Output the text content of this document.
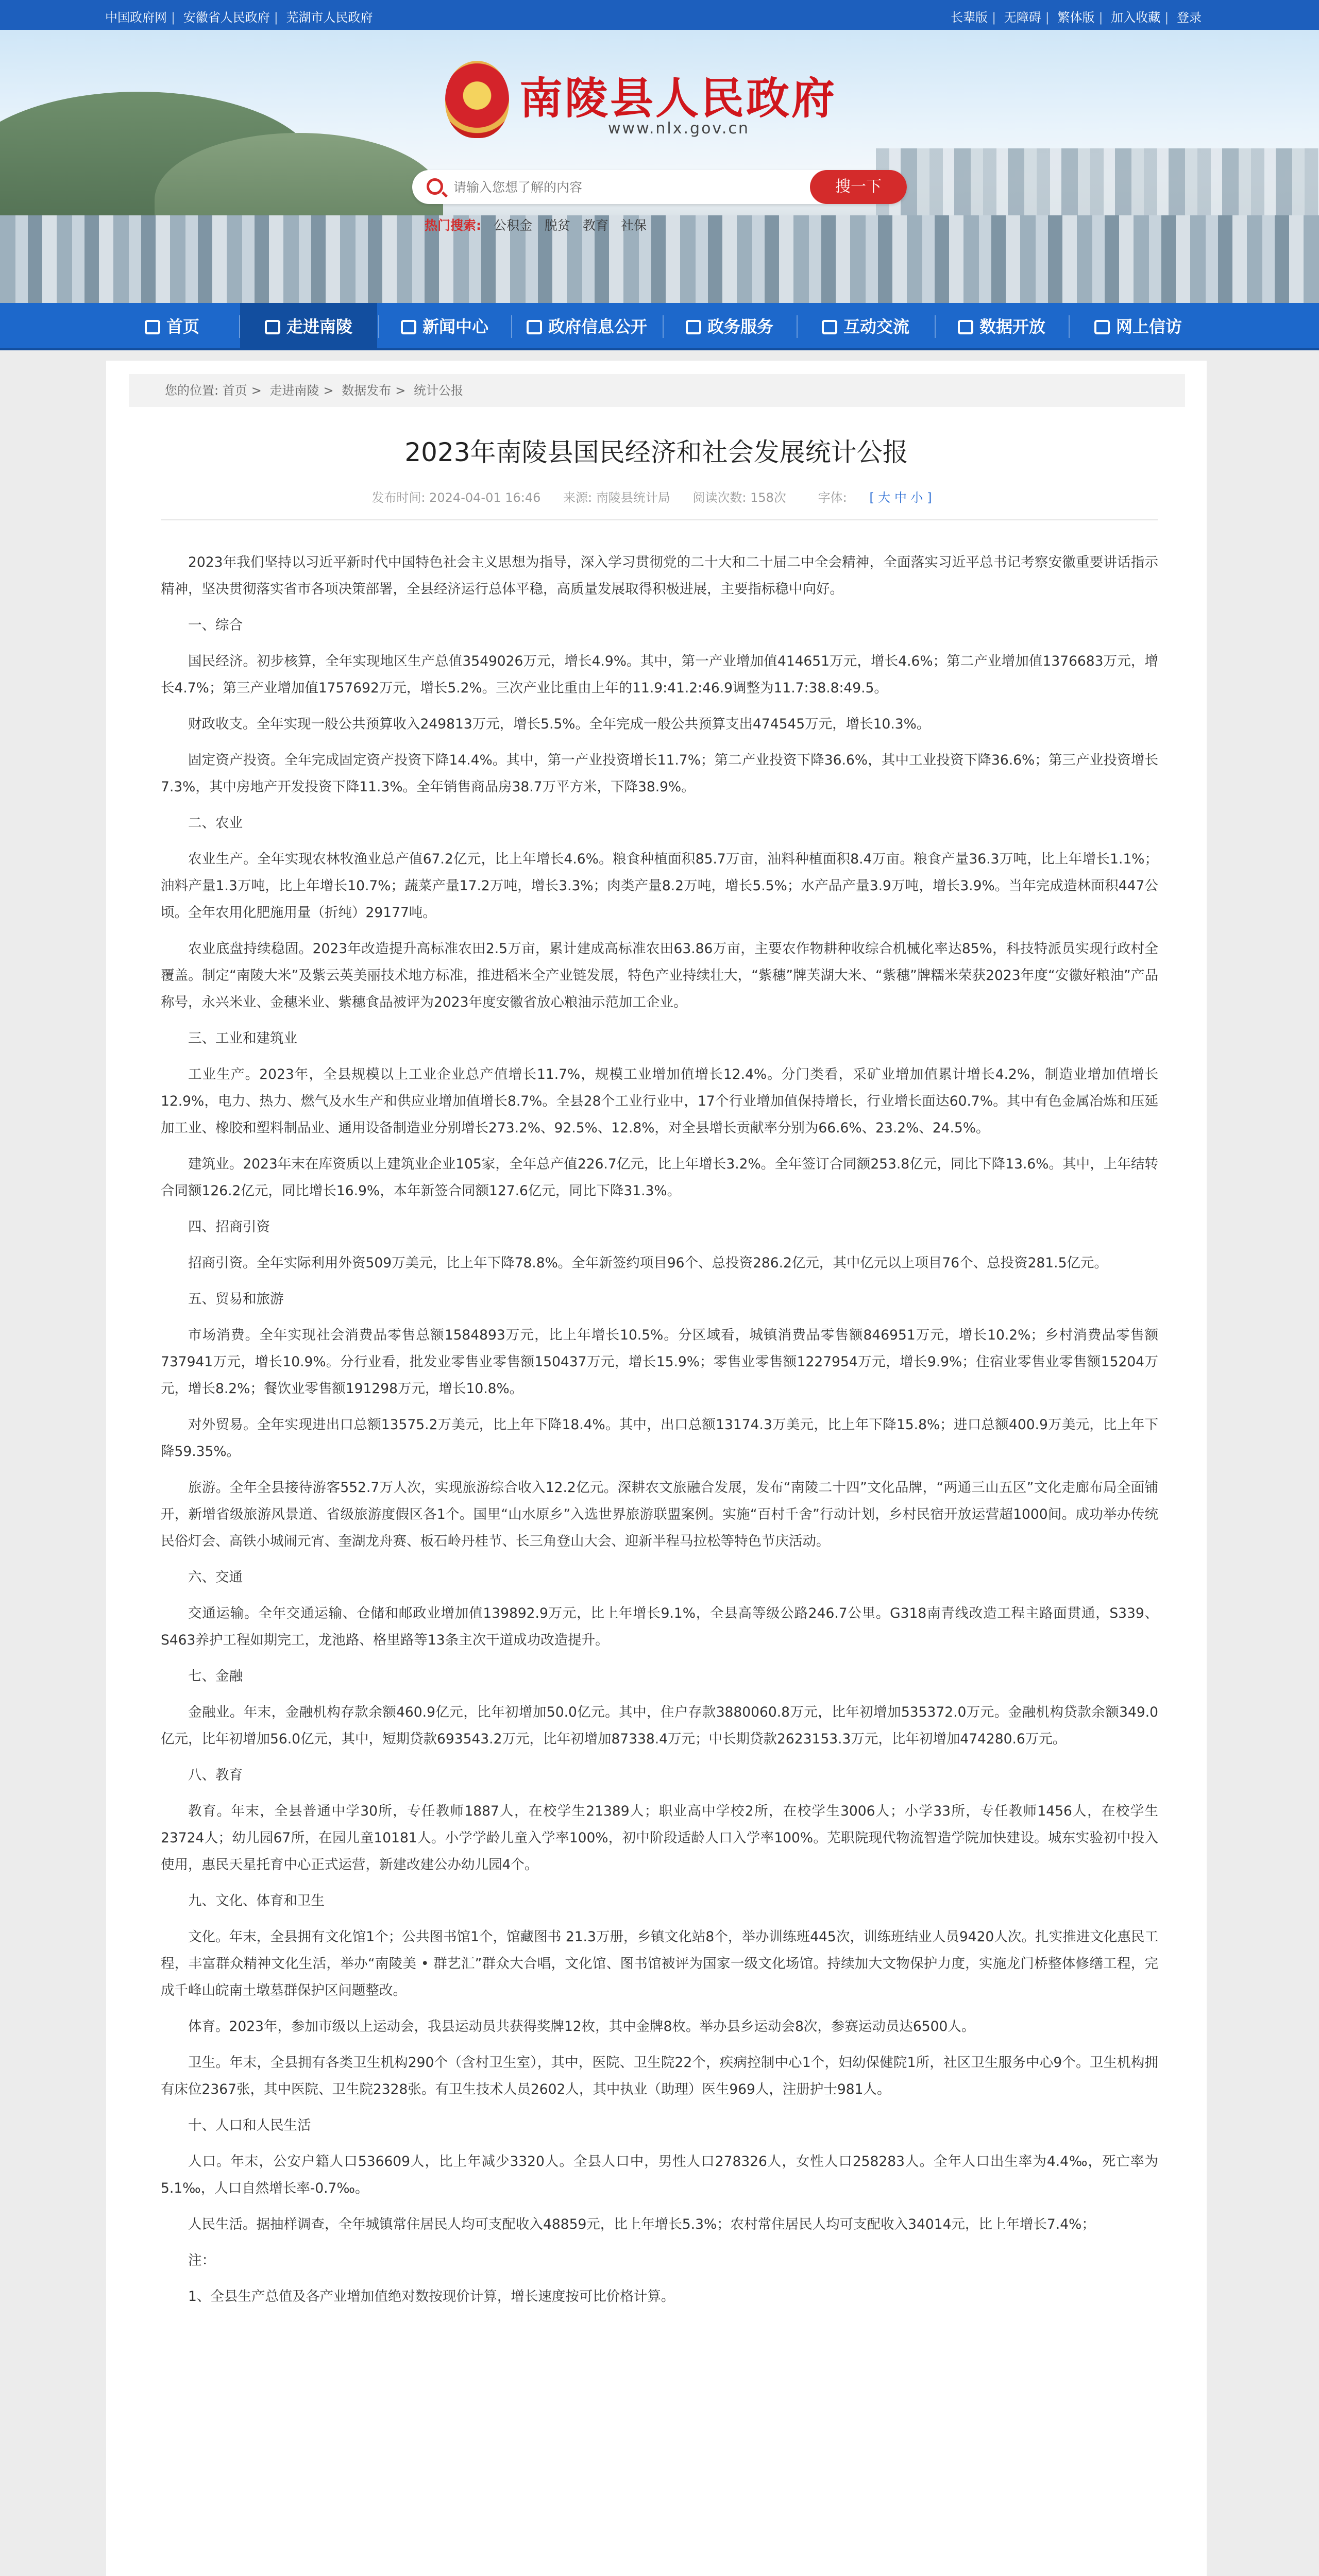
中国政府网 | 安徽省人民政府 | 芜湖市人民政府	长辈版 | 无障碍 | 繁体版 | 加入收藏 | 登录
南陵县人民政府
www.nlx.gov.cn
请输入您想了解的内容
搜一下
热门搜索: 公积金 脱贫 教育 社保
首页	走进南陵	新闻中心	政府信息公开	政务服务	互动交流	数据开放	网上信访
您的位置: 首页 > 走进南陵 > 数据发布 > 统计公报
2023年南陵县国民经济和社会发展统计公报
发布时间: 2024-04-01 16:46 来源: 南陵县统计局 阅读次数: 158次	字体: [ 大 中 小 ]

2023年我们坚持以习近平新时代中国特色社会主义思想为指导，深入学习贯彻党的二十大和二十届二中全会精神，全面落实习近平总书记考察安徽重要讲话指示精神，坚决贯彻落实省市各项决策部署，全县经济运行总体平稳，高质量发展取得积极进展，主要指标稳中向好。

一、综合

国民经济。初步核算，全年实现地区生产总值3549026万元，增长4.9%。其中，第一产业增加值414651万元，增长4.6%；第二产业增加值1376683万元，增长4.7%；第三产业增加值1757692万元，增长5.2%。三次产业比重由上年的11.9:41.2:46.9调整为11.7:38.8:49.5。

财政收支。全年实现一般公共预算收入249813万元，增长5.5%。全年完成一般公共预算支出474545万元，增长10.3%。

固定资产投资。全年完成固定资产投资下降14.4%。其中，第一产业投资增长11.7%；第二产业投资下降36.6%，其中工业投资下降36.6%；第三产业投资增长7.3%，其中房地产开发投资下降11.3%。全年销售商品房38.7万平方米，下降38.9%。

二、农业

农业生产。全年实现农林牧渔业总产值67.2亿元，比上年增长4.6%。粮食种植面积85.7万亩，油料种植面积8.4万亩。粮食产量36.3万吨，比上年增长1.1%；油料产量1.3万吨，比上年增长10.7%；蔬菜产量17.2万吨，增长3.3%；肉类产量8.2万吨，增长5.5%；水产品产量3.9万吨，增长3.9%。当年完成造林面积447公顷。全年农用化肥施用量（折纯）29177吨。

农业底盘持续稳固。2023年改造提升高标准农田2.5万亩，累计建成高标准农田63.86万亩，主要农作物耕种收综合机械化率达85%，科技特派员实现行政村全覆盖。制定“南陵大米”及紫云英美丽技术地方标准，推进稻米全产业链发展，特色产业持续壮大，“紫穗”牌芙湖大米、“紫穗”牌糯米荣获2023年度“安徽好粮油”产品称号，永兴米业、金穗米业、紫穗食品被评为2023年度安徽省放心粮油示范加工企业。

三、工业和建筑业

工业生产。2023年，全县规模以上工业企业总产值增长11.7%，规模工业增加值增长12.4%。分门类看，采矿业增加值累计增长4.2%，制造业增加值增长12.9%，电力、热力、燃气及水生产和供应业增加值增长8.7%。全县28个工业行业中，17个行业增加值保持增长，行业增长面达60.7%。其中有色金属冶炼和压延加工业、橡胶和塑料制品业、通用设备制造业分别增长273.2%、92.5%、12.8%，对全县增长贡献率分别为66.6%、23.2%、24.5%。

建筑业。2023年末在库资质以上建筑业企业105家，全年总产值226.7亿元，比上年增长3.2%。全年签订合同额253.8亿元，同比下降13.6%。其中，上年结转合同额126.2亿元，同比增长16.9%，本年新签合同额127.6亿元，同比下降31.3%。

四、招商引资

招商引资。全年实际利用外资509万美元，比上年下降78.8%。全年新签约项目96个、总投资286.2亿元，其中亿元以上项目76个、总投资281.5亿元。

五、贸易和旅游

市场消费。全年实现社会消费品零售总额1584893万元，比上年增长10.5%。分区域看，城镇消费品零售额846951万元，增长10.2%；乡村消费品零售额737941万元，增长10.9%。分行业看，批发业零售业零售额150437万元，增长15.9%；零售业零售额1227954万元，增长9.9%；住宿业零售业零售额15204万元，增长8.2%；餐饮业零售额191298万元，增长10.8%。

对外贸易。全年实现进出口总额13575.2万美元，比上年下降18.4%。其中，出口总额13174.3万美元，比上年下降15.8%；进口总额400.9万美元，比上年下降59.35%。

旅游。全年全县接待游客552.7万人次，实现旅游综合收入12.2亿元。深耕农文旅融合发展，发布“南陵二十四”文化品牌，“两通三山五区”文化走廊布局全面铺开，新增省级旅游风景道、省级旅游度假区各1个。国里“山水原乡”入选世界旅游联盟案例。实施“百村千舍”行动计划，乡村民宿开放运营超1000间。成功举办传统民俗灯会、高铁小城闹元宵、奎湖龙舟赛、板石岭丹桂节、长三角登山大会、迎新半程马拉松等特色节庆活动。

六、交通

交通运输。全年交通运输、仓储和邮政业增加值139892.9万元，比上年增长9.1%，全县高等级公路246.7公里。G318南青线改造工程主路面贯通，S339、S463养护工程如期完工，龙池路、格里路等13条主次干道成功改造提升。

七、金融

金融业。年末，金融机构存款余额460.9亿元，比年初增加50.0亿元。其中，住户存款3880060.8万元，比年初增加535372.0万元。金融机构贷款余额349.0亿元，比年初增加56.0亿元，其中，短期贷款693543.2万元，比年初增加87338.4万元；中长期贷款2623153.3万元，比年初增加474280.6万元。

八、教育

教育。年末，全县普通中学30所，专任教师1887人，在校学生21389人；职业高中学校2所，在校学生3006人；小学33所，专任教师1456人，在校学生23724人；幼儿园67所，在园儿童10181人。小学学龄儿童入学率100%，初中阶段适龄人口入学率100%。芜职院现代物流智造学院加快建设。城东实验初中投入使用，惠民天星托育中心正式运营，新建改建公办幼儿园4个。

九、文化、体育和卫生

文化。年末，全县拥有文化馆1个；公共图书馆1个，馆藏图书 21.3万册，乡镇文化站8个，举办训练班445次，训练班结业人员9420人次。扎实推进文化惠民工程，丰富群众精神文化生活，举办“南陵美 • 群艺汇”群众大合唱，文化馆、图书馆被评为国家一级文化场馆。持续加大文物保护力度，实施龙门桥整体修缮工程，完成千峰山皖南土墩墓群保护区问题整改。

体育。2023年，参加市级以上运动会，我县运动员共获得奖牌12枚，其中金牌8枚。举办县乡运动会8次，参赛运动员达6500人。

卫生。年末，全县拥有各类卫生机构290个（含村卫生室），其中，医院、卫生院22个，疾病控制中心1个，妇幼保健院1所，社区卫生服务中心9个。卫生机构拥有床位2367张，其中医院、卫生院2328张。有卫生技术人员2602人，其中执业（助理）医生969人，注册护士981人。

十、人口和人民生活

人口。年末，公安户籍人口536609人，比上年减少3320人。全县人口中，男性人口278326人，女性人口258283人。全年人口出生率为4.4‰，死亡率为5.1‰，人口自然增长率-0.7‰。

人民生活。据抽样调查，全年城镇常住居民人均可支配收入48859元，比上年增长5.3%；农村常住居民人均可支配收入34014元，比上年增长7.4%；

注：

1、全县生产总值及各产业增加值绝对数按现价计算，增长速度按可比价格计算。
